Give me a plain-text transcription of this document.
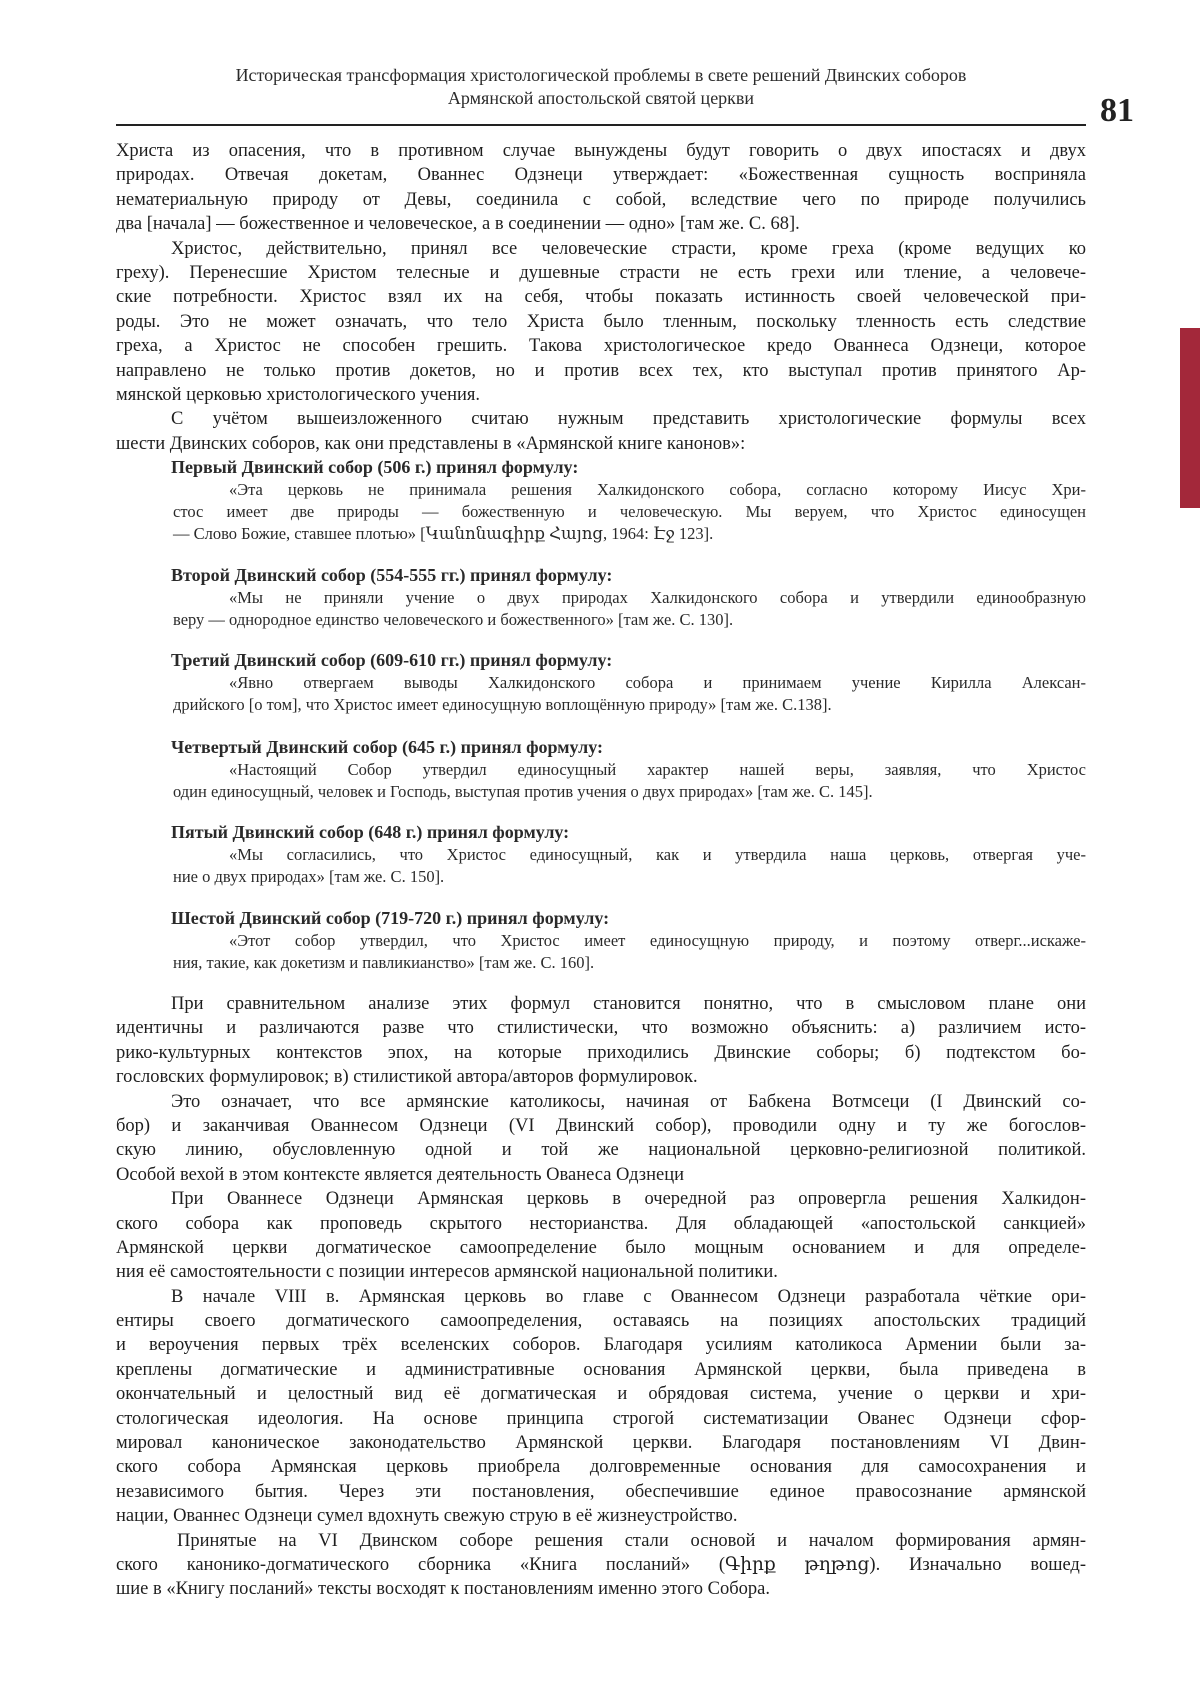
Историческая трансформация христологической проблемы в свете решений Двинских соборов
Армянской апостольской святой церкви	81
Христа из опасения, что в противном случае вынуждены будут говорить о двух ипостасях и двух
природах. Отвечая докетам, Ованнес Одзнеци утверждает: «Божественная сущность восприняла
нематериальную природу от Девы, соединила с собой, вследствие чего по природе получились
два [начала] — божественное и человеческое, а в соединении — одно» [там же. С. 68].
Христос, действительно, принял все человеческие страсти, кроме греха (кроме ведущих ко
греху). Перенесшие Христом телесные и душевные страсти не есть грехи или тление, а человече-
ские потребности. Христос взял их на себя, чтобы показать истинность своей человеческой при-
роды. Это не может означать, что тело Христа было тленным, поскольку тленность есть следствие
греха, а Христос не способен грешить. Такова христологическое кредо Ованнеса Одзнеци, которое
направлено не только против докетов, но и против всех тех, кто выступал против принятого Ар-
мянской церковью христологического учения.
С учётом вышеизложенного считаю нужным представить христологические формулы всех
шести Двинских соборов, как они представлены в «Армянской книге канонов»:
Первый Двинский собор (506 г.) принял формулу:
«Эта церковь не принимала решения Халкидонского собора, согласно которому Иисус Хри-
стос имеет две природы — божественную и человеческую. Мы веруем, что Христос единосущен
— Слово Божие, ставшее плотью» [Կանոնագիրք Հայոց, 1964: Էջ 123].
Второй Двинский собор (554-555 гг.) принял формулу:
«Мы не приняли учение о двух природах Халкидонского собора и утвердили единообразную
веру — однородное единство человеческого и божественного» [там же. С. 130].
Третий Двинский собор (609-610 гг.) принял формулу:
«Явно отвергаем выводы Халкидонского собора и принимаем учение Кирилла Алексан-
дрийского [о том], что Христос имеет единосущную воплощённую природу» [там же. С.138].
Четвертый Двинский собор (645 г.) принял формулу:
«Настоящий Собор утвердил единосущный характер нашей веры, заявляя, что Христос
один единосущный, человек и Господь, выступая против учения о двух природах» [там же. С. 145].
Пятый Двинский собор (648 г.) принял формулу:
«Мы согласились, что Христос единосущный, как и утвердила наша церковь, отвергая уче-
ние о двух природах» [там же. С. 150].
Шестой Двинский собор (719-720 г.) принял формулу:
«Этот собор утвердил, что Христос имеет единосущную природу, и поэтому отверг...искаже-
ния, такие, как докетизм и павликианство» [там же. С. 160].
При сравнительном анализе этих формул становится понятно, что в смысловом плане они
идентичны и различаются разве что стилистически, что возможно объяснить: а) различием исто-
рико-культурных контекстов эпох, на которые приходились Двинские соборы; б) подтекстом бо-
гословских формулировок; в) стилистикой автора/авторов формулировок.
Это означает, что все армянские католикосы, начиная от Бабкена Вотмсеци (I Двинский со-
бор) и заканчивая Ованнесом Одзнеци (VI Двинский собор), проводили одну и ту же богослов-
скую линию, обусловленную одной и той же национальной церковно-религиозной политикой.
Особой вехой в этом контексте является деятельность Ованеса Одзнеци
При Ованнесе Одзнеци Армянская церковь в очередной раз опровергла решения Халкидон-
ского собора как проповедь скрытого несторианства. Для обладающей «апостольской санкцией»
Армянской церкви догматическое самоопределение было мощным основанием и для определе-
ния её самостоятельности с позиции интересов армянской национальной политики.
В начале VIII в. Армянская церковь во главе с Ованнесом Одзнеци разработала чёткие ори-
ентиры своего догматического самоопределения, оставаясь на позициях апостольских традиций
и вероучения первых трёх вселенских соборов. Благодаря усилиям католикоса Армении были за-
креплены догматические и административные основания Армянской церкви, была приведена в
окончательный и целостный вид её догматическая и обрядовая система, учение о церкви и хри-
стологическая идеология. На основе принципа строгой систематизации Ованес Одзнеци сфор-
мировал каноническое законодательство Армянской церкви. Благодаря постановлениям VI Двин-
ского собора Армянская церковь приобрела долговременные основания для самосохранения и
независимого бытия. Через эти постановления, обеспечившие единое правосознание армянской
нации, Ованнес Одзнеци сумел вдохнуть свежую струю в её жизнеустройство.
Принятые на VI Двинском соборе решения стали основой и началом формирования армян-
ского канонико-догматического сборника «Книга посланий» (Գիրք թղթոց). Изначально вошед-
шие в «Книгу посланий» тексты восходят к постановлениям именно этого Собора.
